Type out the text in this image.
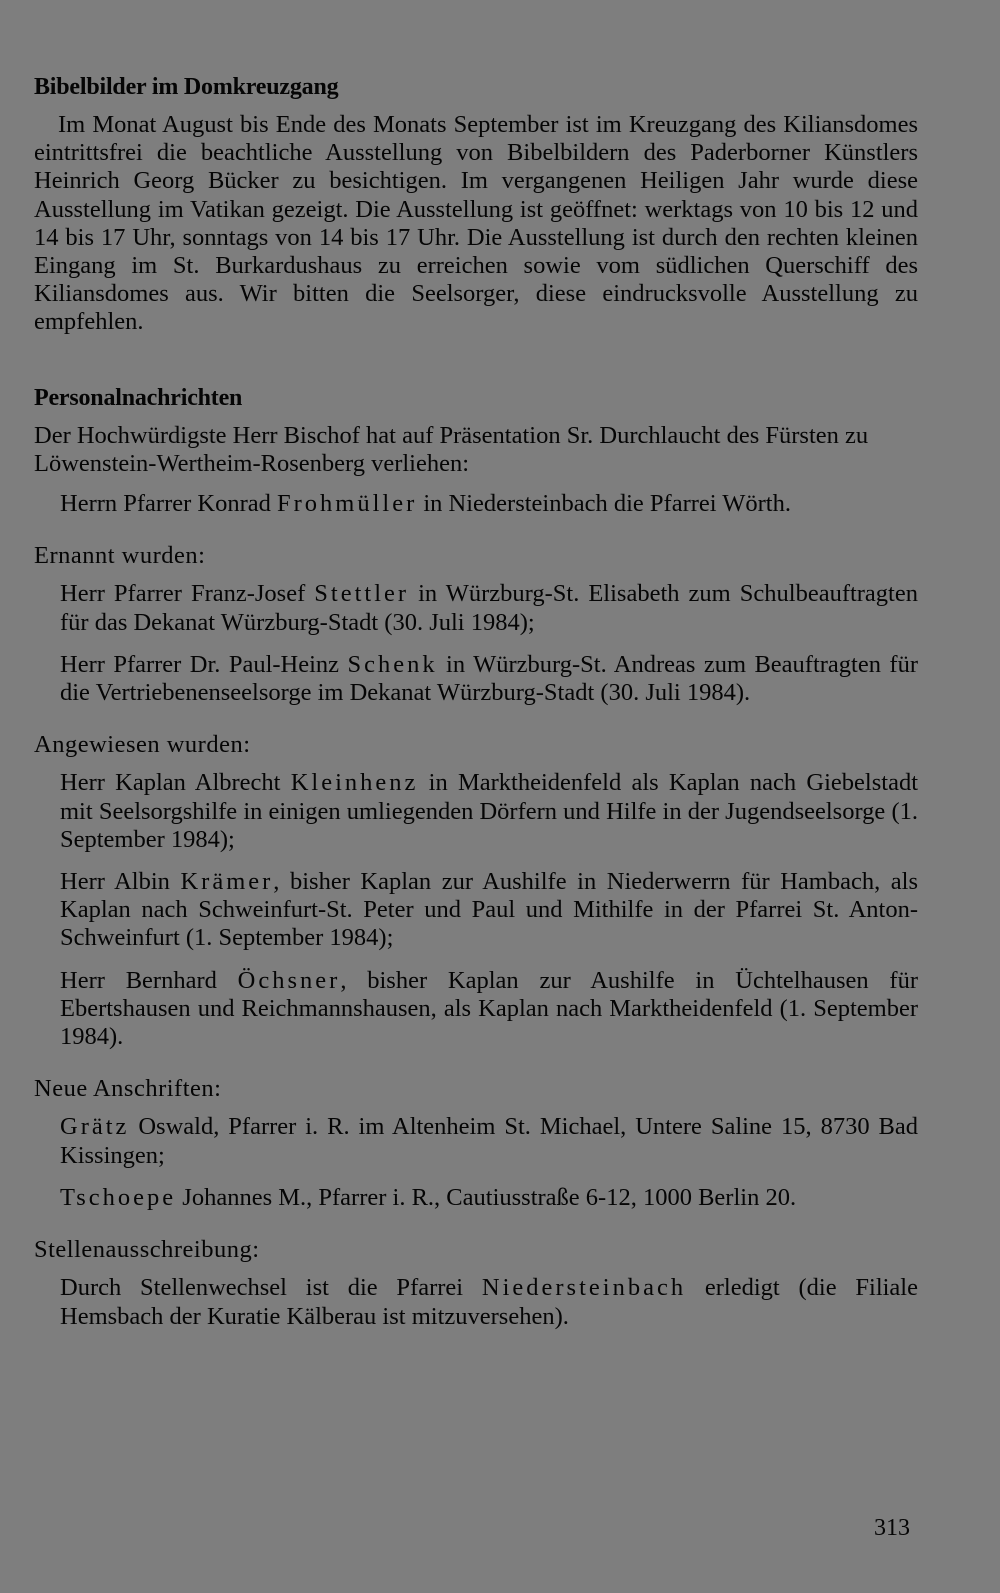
Bibelbilder im Domkreuzgang

Im Monat August bis Ende des Monats September ist im Kreuzgang des Kiliansdomes eintrittsfrei die beachtliche Ausstellung von Bibelbildern des Paderborner Künstlers Heinrich Georg Bücker zu besichtigen. Im vergangenen Heiligen Jahr wurde diese Ausstellung im Vatikan gezeigt. Die Ausstellung ist geöffnet: werktags von 10 bis 12 und 14 bis 17 Uhr, sonntags von 14 bis 17 Uhr. Die Ausstellung ist durch den rechten kleinen Eingang im St. Burkardushaus zu erreichen sowie vom südlichen Querschiff des Kiliansdomes aus. Wir bitten die Seelsorger, diese eindrucksvolle Ausstellung zu empfehlen.

Personalnachrichten

Der Hochwürdigste Herr Bischof hat auf Präsentation Sr. Durchlaucht des Fürsten zu Löwenstein-Wertheim-Rosenberg verliehen:

Herrn Pfarrer Konrad Frohmüller in Niedersteinbach die Pfarrei Wörth.

Ernannt wurden:

Herr Pfarrer Franz-Josef Stettler in Würzburg-St. Elisabeth zum Schulbeauftragten für das Dekanat Würzburg-Stadt (30. Juli 1984);

Herr Pfarrer Dr. Paul-Heinz Schenk in Würzburg-St. Andreas zum Beauftragten für die Vertriebenenseelsorge im Dekanat Würzburg-Stadt (30. Juli 1984).

Angewiesen wurden:

Herr Kaplan Albrecht Kleinhenz in Marktheidenfeld als Kaplan nach Giebelstadt mit Seelsorgshilfe in einigen umliegenden Dörfern und Hilfe in der Jugendseelsorge (1. September 1984);

Herr Albin Krämer, bisher Kaplan zur Aushilfe in Niederwerrn für Hambach, als Kaplan nach Schweinfurt-St. Peter und Paul und Mithilfe in der Pfarrei St. Anton-Schweinfurt (1. September 1984);

Herr Bernhard Öchsner, bisher Kaplan zur Aushilfe in Üchtelhausen für Ebertshausen und Reichmannshausen, als Kaplan nach Marktheidenfeld (1. September 1984).

Neue Anschriften:

Grätz Oswald, Pfarrer i. R. im Altenheim St. Michael, Untere Saline 15, 8730 Bad Kissingen;

Tschoepe Johannes M., Pfarrer i. R., Cautiusstraße 6-12, 1000 Berlin 20.

Stellenausschreibung:

Durch Stellenwechsel ist die Pfarrei Niedersteinbach erledigt (die Filiale Hemsbach der Kuratie Kälberau ist mitzuversehen).

313
